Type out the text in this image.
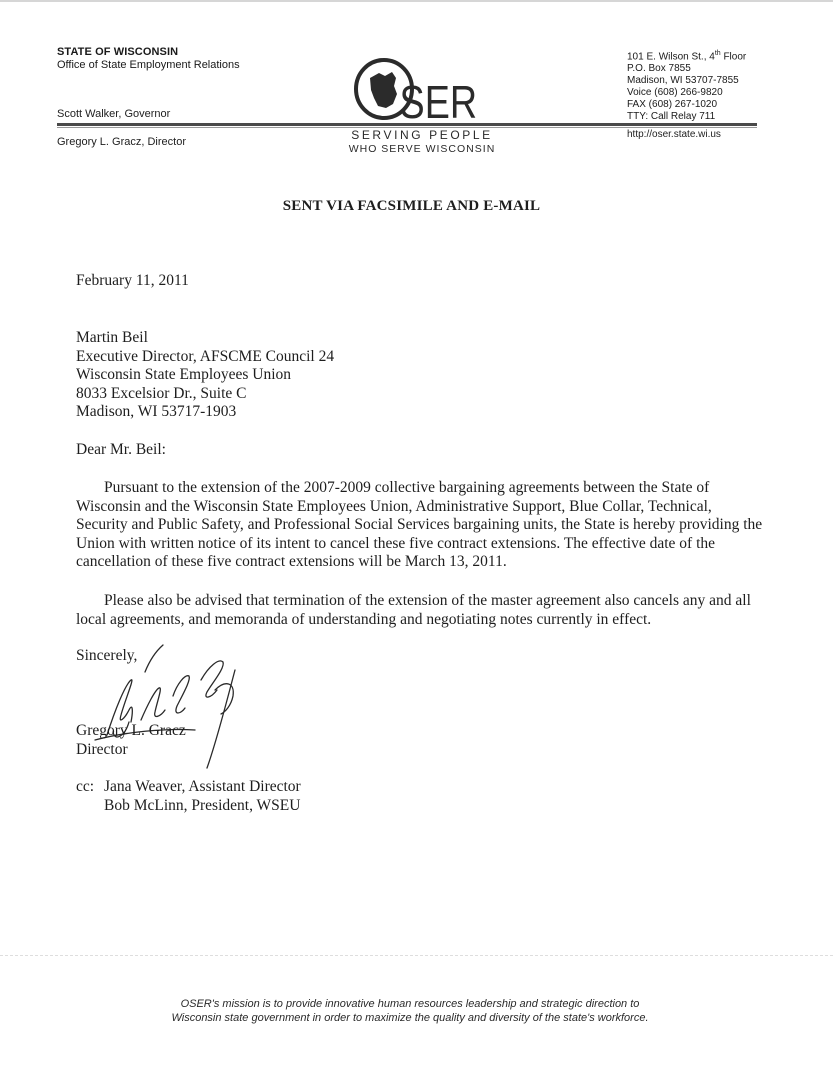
STATE OF WISCONSIN
Office of State Employment Relations
Scott Walker, Governor
Gregory L. Gracz, Director
SER
SERVING PEOPLE
WHO SERVE WISCONSIN
101 E. Wilson St., 4th Floor
P.O. Box 7855
Madison, WI 53707-7855
Voice (608) 266-9820
FAX (608) 267-1020
TTY: Call Relay 711
http://oser.state.wi.us
SENT VIA FACSIMILE AND E-MAIL
February 11, 2011
Martin Beil
Executive Director, AFSCME Council 24
Wisconsin State Employees Union
8033 Excelsior Dr., Suite C
Madison, WI 53717-1903
Dear Mr. Beil:
Pursuant to the extension of the 2007-2009 collective bargaining agreements between the State of Wisconsin and the Wisconsin State Employees Union, Administrative Support, Blue Collar, Technical, Security and Public Safety, and Professional Social Services bargaining units, the State is hereby providing the Union with written notice of its intent to cancel these five contract extensions. The effective date of the cancellation of these five contract extensions will be March 13, 2011.
Please also be advised that termination of the extension of the master agreement also cancels any and all local agreements, and memoranda of understanding and negotiating notes currently in effect.
Sincerely,
Gregory L. Gracz
Director
cc: Jana Weaver, Assistant Director
Bob McLinn, President, WSEU
OSER's mission is to provide innovative human resources leadership and strategic direction to
Wisconsin state government in order to maximize the quality and diversity of the state's workforce.
